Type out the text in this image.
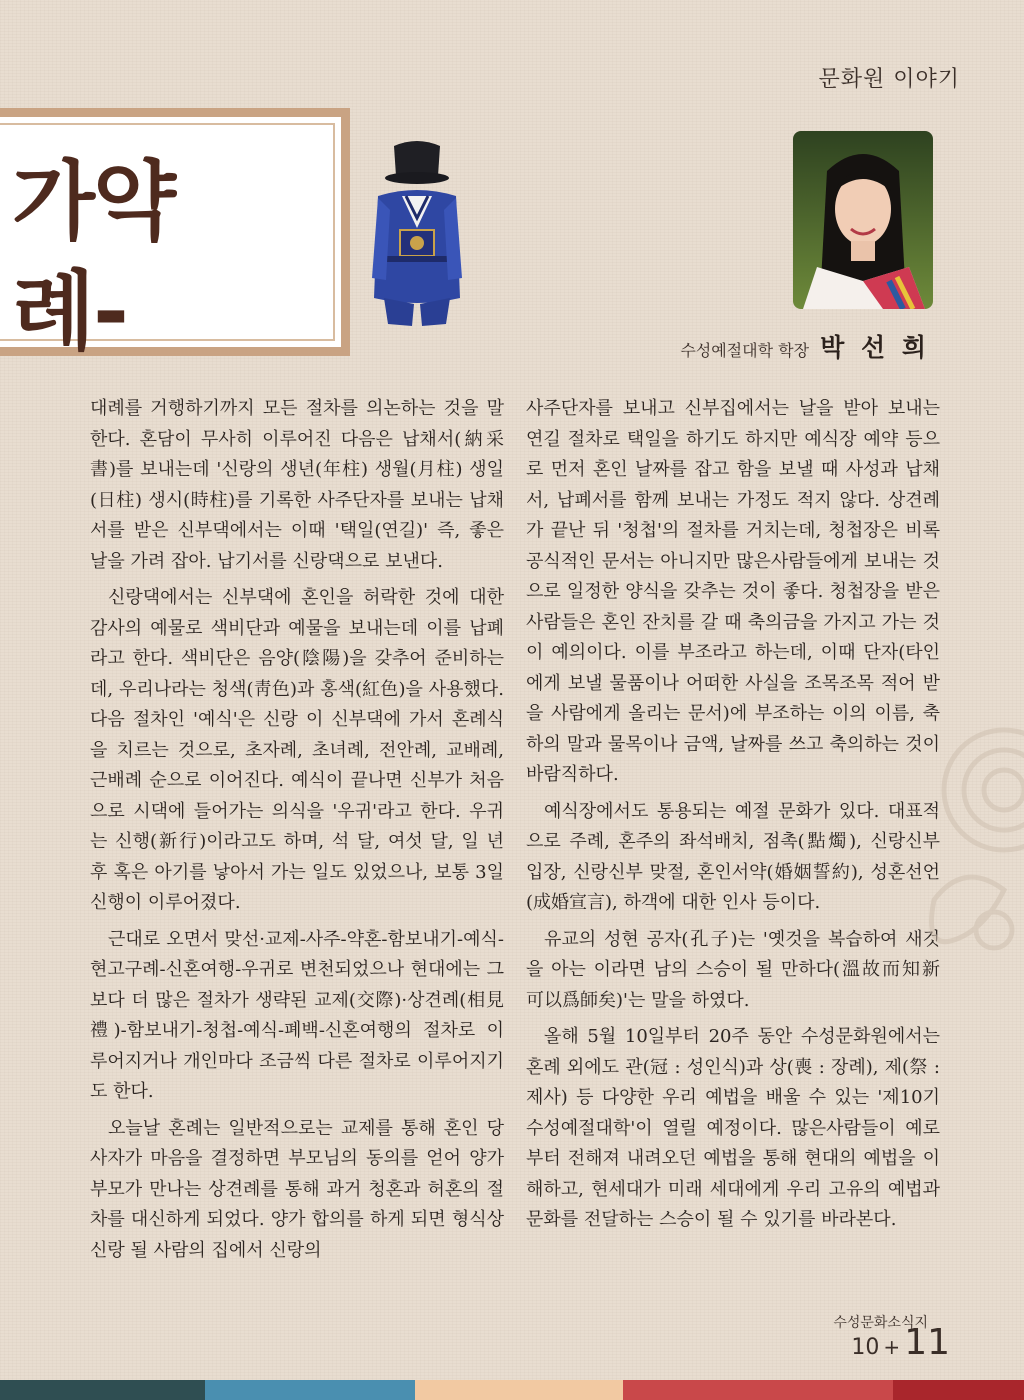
문화원 이야기
가약
례-	수성예절대학 학장 박 선 희

대례를 거행하기까지 모든 절차를 의논하는 것을 말한다. 혼담이 무사히 이루어진 다음은 납채서(納采書)를 보내는데 '신랑의 생년(年柱) 생월(月柱) 생일(日柱) 생시(時柱)를 기록한 사주단자를 보내는 납채서를 받은 신부댁에서는 이때 '택일(연길)' 즉, 좋은 날을 가려 잡아. 납기서를 신랑댁으로 보낸다.

신랑댁에서는 신부댁에 혼인을 허락한 것에 대한 감사의 예물로 색비단과 예물을 보내는데 이를 납폐라고 한다. 색비단은 음양(陰陽)을 갖추어 준비하는데, 우리나라는 청색(靑色)과 홍색(紅色)을 사용했다. 다음 절차인 '예식'은 신랑 이 신부댁에 가서 혼례식을 치르는 것으로, 초자례, 초녀례, 전안례, 교배례, 근배례 순으로 이어진다. 예식이 끝나면 신부가 처음으로 시댁에 들어가는 의식을 '우귀'라고 한다. 우귀는 신행(新行)이라고도 하며, 석 달, 여섯 달, 일 년 후 혹은 아기를 낳아서 가는 일도 있었으나, 보통 3일 신행이 이루어졌다.

근대로 오면서 맞선·교제-사주-약혼-함보내기-예식-현고구례-신혼여행-우귀로 변천되었으나 현대에는 그보다 더 많은 절차가 생략된 교제(交際)·상견례(相見禮)-함보내기-청첩-예식-폐백-신혼여행의 절차로 이루어지거나 개인마다 조금씩 다른 절차로 이루어지기도 한다.

오늘날 혼례는 일반적으로는 교제를 통해 혼인 당사자가 마음을 결정하면 부모님의 동의를 얻어 양가 부모가 만나는 상견례를 통해 과거 청혼과 허혼의 절차를 대신하게 되었다. 양가 합의를 하게 되면 형식상 신랑 될 사람의 집에서 신랑의

사주단자를 보내고 신부집에서는 날을 받아 보내는 연길 절차로 택일을 하기도 하지만 예식장 예약 등으로 먼저 혼인 날짜를 잡고 함을 보낼 때 사성과 납채서, 납폐서를 함께 보내는 가정도 적지 않다. 상견례가 끝난 뒤 '청첩'의 절차를 거치는데, 청첩장은 비록 공식적인 문서는 아니지만 많은사람들에게 보내는 것으로 일정한 양식을 갖추는 것이 좋다. 청첩장을 받은 사람들은 혼인 잔치를 갈 때 축의금을 가지고 가는 것이 예의이다. 이를 부조라고 하는데, 이때 단자(타인에게 보낼 물품이나 어떠한 사실을 조목조목 적어 받을 사람에게 올리는 문서)에 부조하는 이의 이름, 축하의 말과 물목이나 금액, 날짜를 쓰고 축의하는 것이 바람직하다.

예식장에서도 통용되는 예절 문화가 있다. 대표적으로 주례, 혼주의 좌석배치, 점촉(點燭), 신랑신부 입장, 신랑신부 맞절, 혼인서약(婚姻誓約), 성혼선언(成婚宣言), 하객에 대한 인사 등이다.

유교의 성현 공자(孔子)는 '옛것을 복습하여 새것을 아는 이라면 남의 스승이 될 만하다(溫故而知新 可以爲師矣)'는 말을 하였다.

올해 5월 10일부터 20주 동안 수성문화원에서는 혼례 외에도 관(冠 : 성인식)과 상(喪 : 장례), 제(祭 : 제사) 등 다양한 우리 예법을 배울 수 있는 '제10기 수성예절대학'이 열릴 예정이다. 많은사람들이 예로부터 전해져 내려오던 예법을 통해 현대의 예법을 이해하고, 현세대가 미래 세대에게 우리 고유의 예법과 문화를 전달하는 스승이 될 수 있기를 바라본다.

수성문화소식지
10 + 11
